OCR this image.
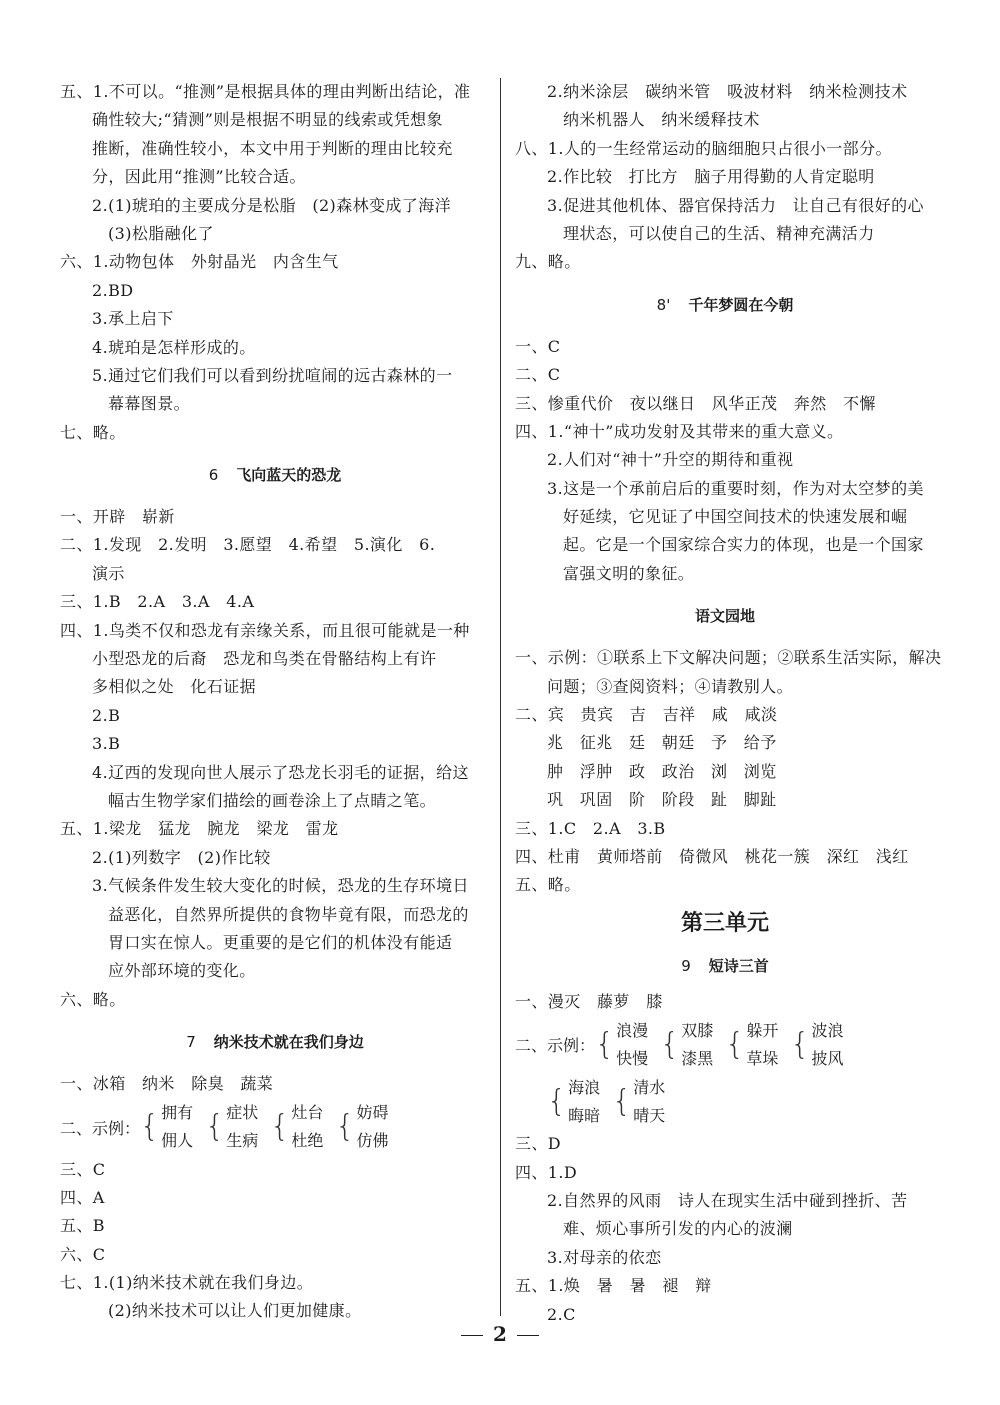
五、1.不可以。“推测”是根据具体的理由判断出结论，准
确性较大;“猜测”则是根据不明显的线索或凭想象
推断，准确性较小，本文中用于判断的理由比较充
分，因此用“推测”比较合适。
2.(1)琥珀的主要成分是松脂　(2)森林变成了海洋
(3)松脂融化了
六、1.动物包体　外射晶光　内含生气
2.BD
3.承上启下
4.琥珀是怎样形成的。
5.通过它们我们可以看到纷扰喧闹的远古森林的一
幕幕图景。
七、略。
6 飞向蓝天的恐龙
一、开辟　崭新
二、1.发现　2.发明　3.愿望　4.希望　5.演化　6.
演示
三、1.B　2.A　3.A　4.A
四、1.鸟类不仅和恐龙有亲缘关系，而且很可能就是一种
小型恐龙的后裔　恐龙和鸟类在骨骼结构上有许
多相似之处　化石证据
2.B
3.B
4.辽西的发现向世人展示了恐龙长羽毛的证据，给这
幅古生物学家们描绘的画卷涂上了点睛之笔。
五、1.梁龙　猛龙　腕龙　梁龙　雷龙
2.(1)列数字　(2)作比较
3.气候条件发生较大变化的时候，恐龙的生存环境日
益恶化，自然界所提供的食物毕竟有限，而恐龙的
胃口实在惊人。更重要的是它们的机体没有能适
应外部环境的变化。
六、略。
7 纳米技术就在我们身边
一、冰箱　纳米　除臭　蔬菜
二、示例： { 拥有
佣人 { 症状
生病 { 灶台
杜绝 { 妨碍
仿佛
三、C
四、A
五、B
六、C
七、1.(1)纳米技术就在我们身边。
(2)纳米技术可以让人们更加健康。
2.纳米涂层　碳纳米管　吸波材料　纳米检测技术
纳米机器人　纳米缓释技术
八、1.人的一生经常运动的脑细胞只占很小一部分。
2.作比较　打比方　脑子用得勤的人肯定聪明
3.促进其他机体、器官保持活力　让自己有很好的心
理状态，可以使自己的生活、精神充满活力
九、略。
8' 千年梦圆在今朝
一、C
二、C
三、惨重代价　夜以继日　风华正茂　奔然　不懈
四、1.“神十”成功发射及其带来的重大意义。
2.人们对“神十”升空的期待和重视
3.这是一个承前启后的重要时刻，作为对太空梦的美
好延续，它见证了中国空间技术的快速发展和崛
起。它是一个国家综合实力的体现，也是一个国家
富强文明的象征。
语文园地
一、示例：①联系上下文解决问题；②联系生活实际，解决
问题；③查阅资料；④请教别人。
二、宾　贵宾　吉　吉祥　咸　咸淡
兆　征兆　廷　朝廷　予　给予
肿　浮肿　政　政治　浏　浏览
巩　巩固　阶　阶段　趾　脚趾
三、1.C　2.A　3.B
四、杜甫　黄师塔前　倚微风　桃花一簇　深红　浅红
五、略。
第三单元
9 短诗三首
一、漫灭　藤萝　膝
二、示例： { 浪漫
快慢 { 双膝
漆黑 { 躲开
草垛 { 波浪
披风
{ 海浪
晦暗 { 清水
晴天
三、D
四、1.D
2.自然界的风雨　诗人在现实生活中碰到挫折、苦
难、烦心事所引发的内心的波澜
3.对母亲的依恋
五、1.焕　暑　暑　褪　辩
2.C
2
